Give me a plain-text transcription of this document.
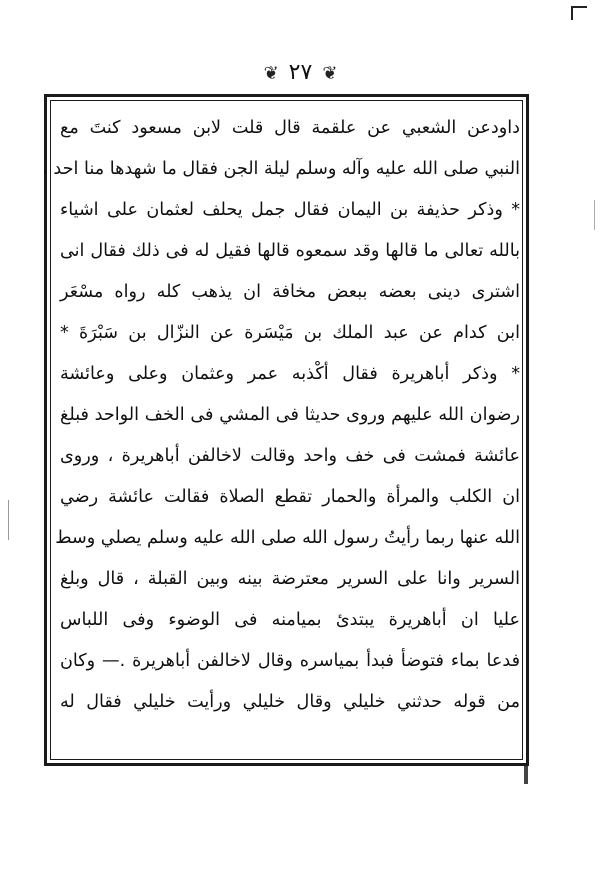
❦ ٢٧ ❦
داودعن الشعبي عن علقمة قال قلت لابن مسعود كنتَ مع
النبي صلى الله عليه وآله وسلم ليلة الجن فقال ما شهدها منا احد ،
* وذكر حذيفة بن اليمان فقال جمل يحلف لعثمان على اشياء
بالله تعالى ما قالها وقد سمعوه قالها فقيل له فى ذلك فقال انى
اشترى دينى بعضه ببعض مخافة ان يذهب كله رواه مسْعَر
ابن كدام عن عبد الملك بن مَيْسَرة عن النزّال بن سَبْرَةَ *
* وذكر أباهريرة فقال أكْذبه عمر وعثمان وعلى وعائشة
رضوان الله عليهم وروى حديثا فى المشي فى الخف الواحد فبلغ
عائشة فمشت فى خف واحد وقالت لاخالفن أباهريرة ، وروى
ان الكلب والمرأة والحمار تقطع الصلاة فقالت عائشة رضي
الله عنها ربما رأيتُ رسول الله صلى الله عليه وسلم يصلي وسط
السرير وانا على السرير معترضة بينه وبين القبلة ، قال وبلغ
عليا ان أباهريرة يبتدئ بميامنه فى الوضوء وفى اللباس
فدعا بماء فتوضأ فبدأ بمياسره وقال لاخالفن أباهريرة .— وكان
من قوله حدثني خليلي وقال خليلي ورأيت خليلي فقال له
